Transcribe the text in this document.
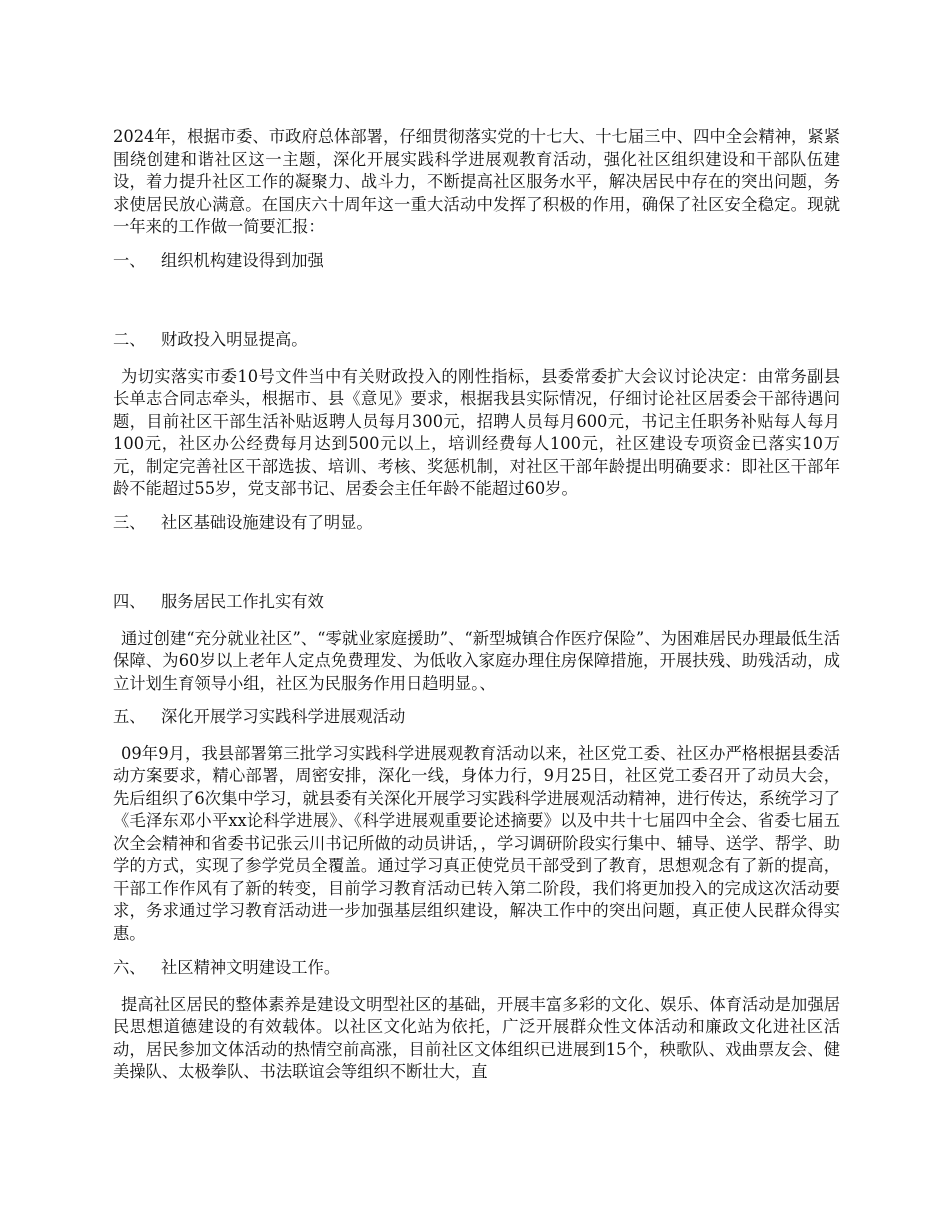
2024年，根据市委、市政府总体部署，仔细贯彻落实党的十七大、十七届三中、四中全会精神，紧紧围绕创建和谐社区这一主题，深化开展实践科学进展观教育活动，强化社区组织建设和干部队伍建设，着力提升社区工作的凝聚力、战斗力，不断提高社区服务水平，解决居民中存在的突出问题，务求使居民放心满意。在国庆六十周年这一重大活动中发挥了积极的作用，确保了社区安全稳定。现就一年来的工作做一简要汇报：

一、 组织机构建设得到加强
二、 财政投入明显提高。

为切实落实市委10号文件当中有关财政投入的刚性指标，县委常委扩大会议讨论决定：由常务副县长单志合同志牵头，根据市、县《意见》要求，根据我县实际情况，仔细讨论社区居委会干部待遇问题，目前社区干部生活补贴返聘人员每月300元，招聘人员每月600元，书记主任职务补贴每人每月100元，社区办公经费每月达到500元以上，培训经费每人100元，社区建设专项资金已落实10万元，制定完善社区干部选拔、培训、考核、奖惩机制，对社区干部年龄提出明确要求：即社区干部年龄不能超过55岁，党支部书记、居委会主任年龄不能超过60岁。

三、 社区基础设施建设有了明显。
四、 服务居民工作扎实有效

通过创建“充分就业社区”、“零就业家庭援助”、“新型城镇合作医疗保险”、为困难居民办理最低生活保障、为60岁以上老年人定点免费理发、为低收入家庭办理住房保障措施，开展扶残、助残活动，成立计划生育领导小组，社区为民服务作用日趋明显。、

五、 深化开展学习实践科学进展观活动

09年9月，我县部署第三批学习实践科学进展观教育活动以来，社区党工委、社区办严格根据县委活动方案要求，精心部署，周密安排，深化一线，身体力行，9月25日，社区党工委召开了动员大会，先后组织了6次集中学习，就县委有关深化开展学习实践科学进展观活动精神，进行传达，系统学习了《毛泽东邓小平xx论科学进展》、《科学进展观重要论述摘要》以及中共十七届四中全会、省委七届五次全会精神和省委书记张云川书记所做的动员讲话，，学习调研阶段实行集中、辅导、送学、帮学、助学的方式，实现了参学党员全覆盖。通过学习真正使党员干部受到了教育，思想观念有了新的提高，干部工作作风有了新的转变，目前学习教育活动已转入第二阶段，我们将更加投入的完成这次活动要求，务求通过学习教育活动进一步加强基层组织建设，解决工作中的突出问题，真正使人民群众得实惠。

六、 社区精神文明建设工作。

提高社区居民的整体素养是建设文明型社区的基础，开展丰富多彩的文化、娱乐、体育活动是加强居民思想道德建设的有效载体。以社区文化站为依托，广泛开展群众性文体活动和廉政文化进社区活动，居民参加文体活动的热情空前高涨，目前社区文体组织已进展到15个，秧歌队、戏曲票友会、健美操队、太极拳队、书法联谊会等组织不断壮大，直
